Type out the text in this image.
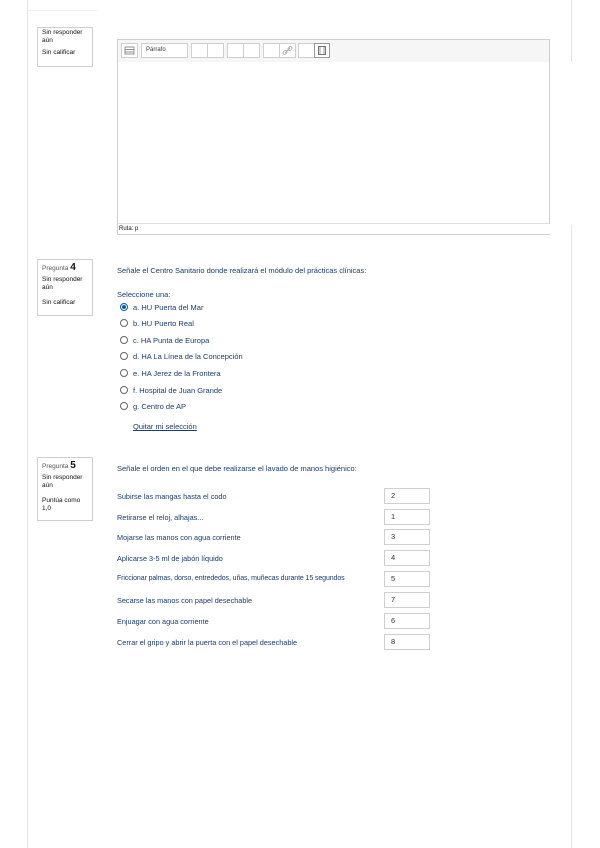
Sin responder aún
Sin calificar	Párrafo
Ruta: p
Pregunta 4
Sin responder aún
Sin calificar
Señale el Centro Sanitario donde realizará el módulo del prácticas clínicas:
Seleccione una:
a. HU Puerta del Mar
b. HU Puerto Real
c. HA Punta de Europa
d. HA La Línea de la Concepción
e. HA Jerez de la Frontera
f. Hospital de Juan Grande
g. Centro de AP
Quitar mi selección
Pregunta 5
Sin responder aún
Puntúa como 1,0
Señale el orden en el que debe realizarse el lavado de manos higiénico:
Subirse las mangas hasta el codo	2
Retirarse el reloj, alhajas...	1
Mojarse las manos con agua corriente	3
Aplicarse 3-5 ml de jabón líquido	4
Friccionar palmas, dorso, entrededos, uñas, muñecas durante 15 segundos	5
Secarse las manos con papel desechable	7
Enjuagar con agua corriente	6
Cerrar el gripo y abrir la puerta con el papel desechable	8
